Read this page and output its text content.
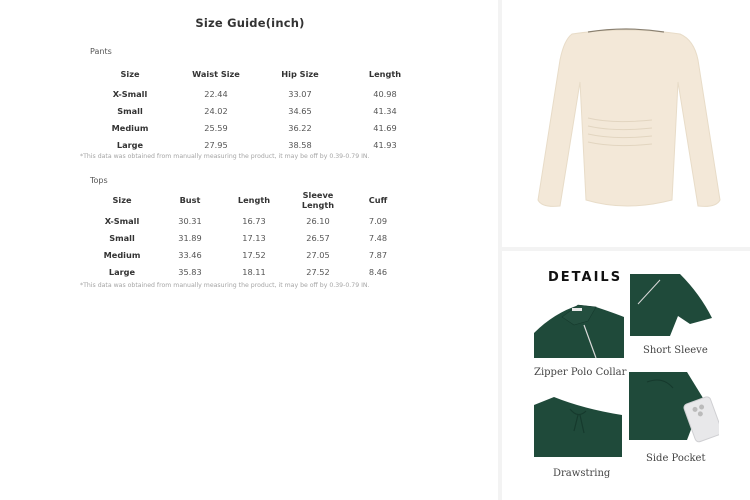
Size Guide(inch)
Pants
Size	Waist Size	Hip Size	Length
X-Small	22.44	33.07	40.98
Small	24.02	34.65	41.34
Medium	25.59	36.22	41.69
Large	27.95	38.58	41.93
*This data was obtained from manually measuring the product, it may be off by 0.39-0.79 IN.
Tops
Size	Bust	Length	Sleeve Length	Cuff
X-Small	30.31	16.73	26.10	7.09
Small	31.89	17.13	26.57	7.48
Medium	33.46	17.52	27.05	7.87
Large	35.83	18.11	27.52	8.46
*This data was obtained from manually measuring the product, it may be off by 0.39-0.79 IN.
DETAILS
Zipper Polo Collar
Short Sleeve
Drawstring
Side Pocket
